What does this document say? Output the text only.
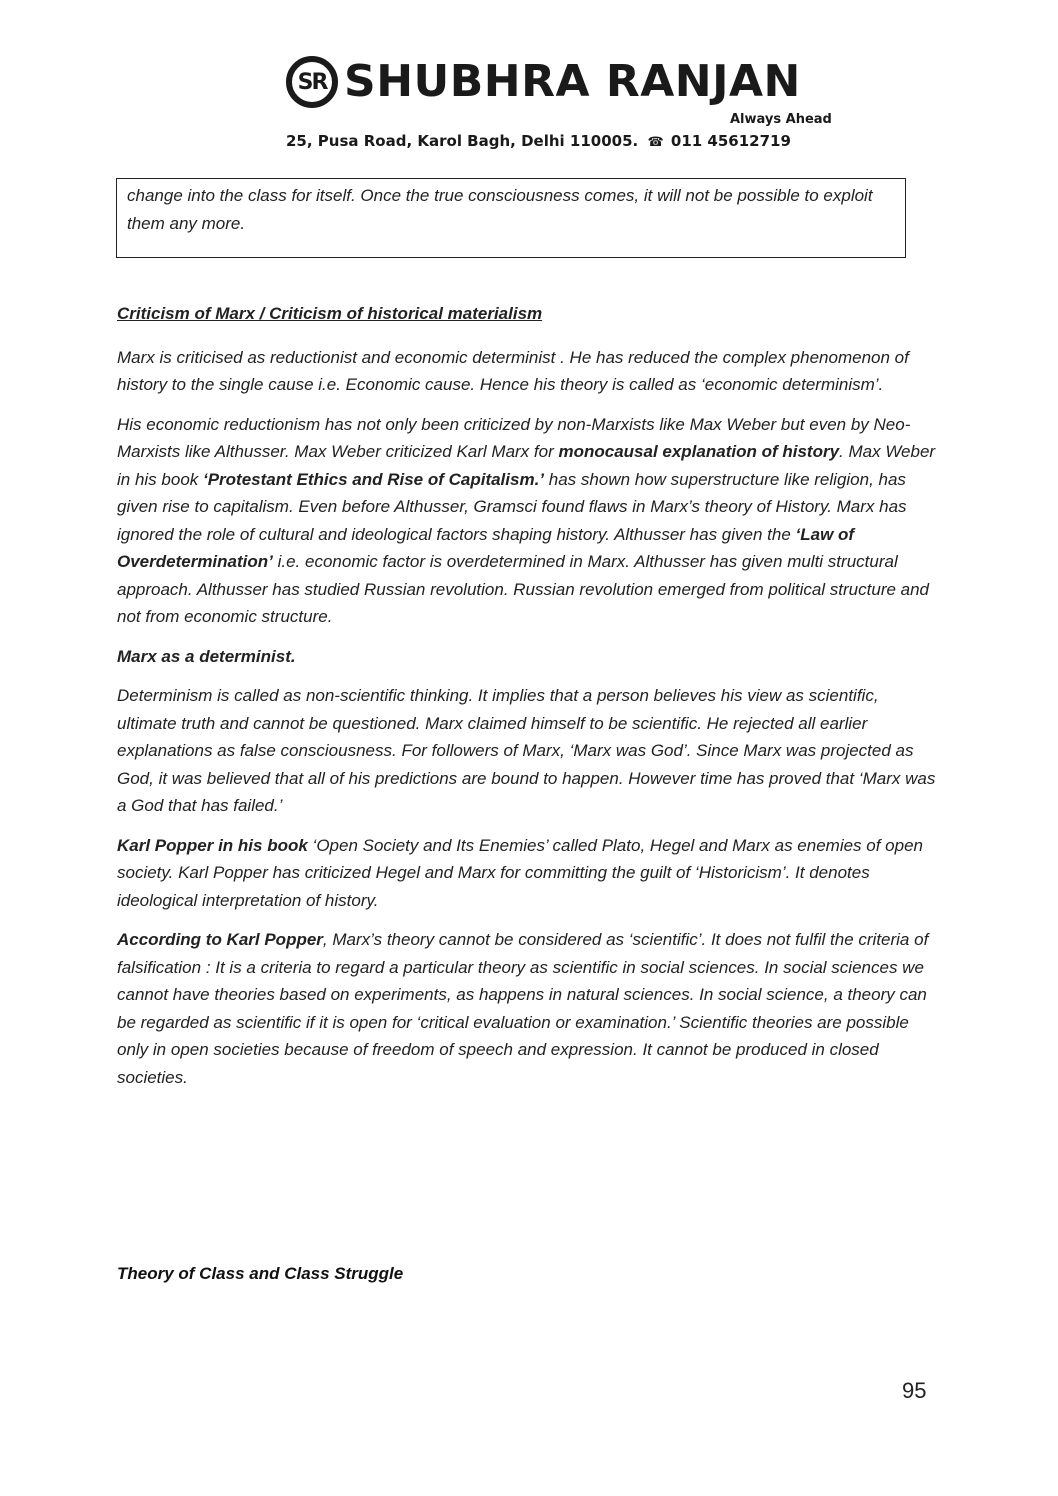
SR SHUBHRA RANJAN
Always Ahead
25, Pusa Road, Karol Bagh, Delhi 110005. ☎ 011 45612719
change into the class for itself. Once the true consciousness comes, it will not be possible to exploit them any more.

Criticism of Marx / Criticism of historical materialism

Marx is criticised as reductionist and economic determinist . He has reduced the complex phenomenon of history to the single cause i.e. Economic cause. Hence his theory is called as ‘economic determinism’.

His economic reductionism has not only been criticized by non-Marxists like Max Weber but even by Neo-Marxists like Althusser. Max Weber criticized Karl Marx for monocausal explanation of history. Max Weber in his book ‘Protestant Ethics and Rise of Capitalism.’ has shown how superstructure like religion, has given rise to capitalism. Even before Althusser, Gramsci found flaws in Marx’s theory of History. Marx has ignored the role of cultural and ideological factors shaping history. Althusser has given the ‘Law of Overdetermination’ i.e. economic factor is overdetermined in Marx. Althusser has given multi structural approach. Althusser has studied Russian revolution. Russian revolution emerged from political structure and not from economic structure.

Marx as a determinist.

Determinism is called as non-scientific thinking. It implies that a person believes his view as scientific, ultimate truth and cannot be questioned. Marx claimed himself to be scientific. He rejected all earlier explanations as false consciousness. For followers of Marx, ‘Marx was God’. Since Marx was projected as God, it was believed that all of his predictions are bound to happen. However time has proved that ‘Marx was a God that has failed.’

Karl Popper in his book ‘Open Society and Its Enemies’ called Plato, Hegel and Marx as enemies of open society. Karl Popper has criticized Hegel and Marx for committing the guilt of ‘Historicism’. It denotes ideological interpretation of history.

According to Karl Popper, Marx’s theory cannot be considered as ‘scientific’. It does not fulfil the criteria of falsification : It is a criteria to regard a particular theory as scientific in social sciences. In social sciences we cannot have theories based on experiments, as happens in natural sciences. In social science, a theory can be regarded as scientific if it is open for ‘critical evaluation or examination.’ Scientific theories are possible only in open societies because of freedom of speech and expression. It cannot be produced in closed societies.

Theory of Class and Class Struggle
95
